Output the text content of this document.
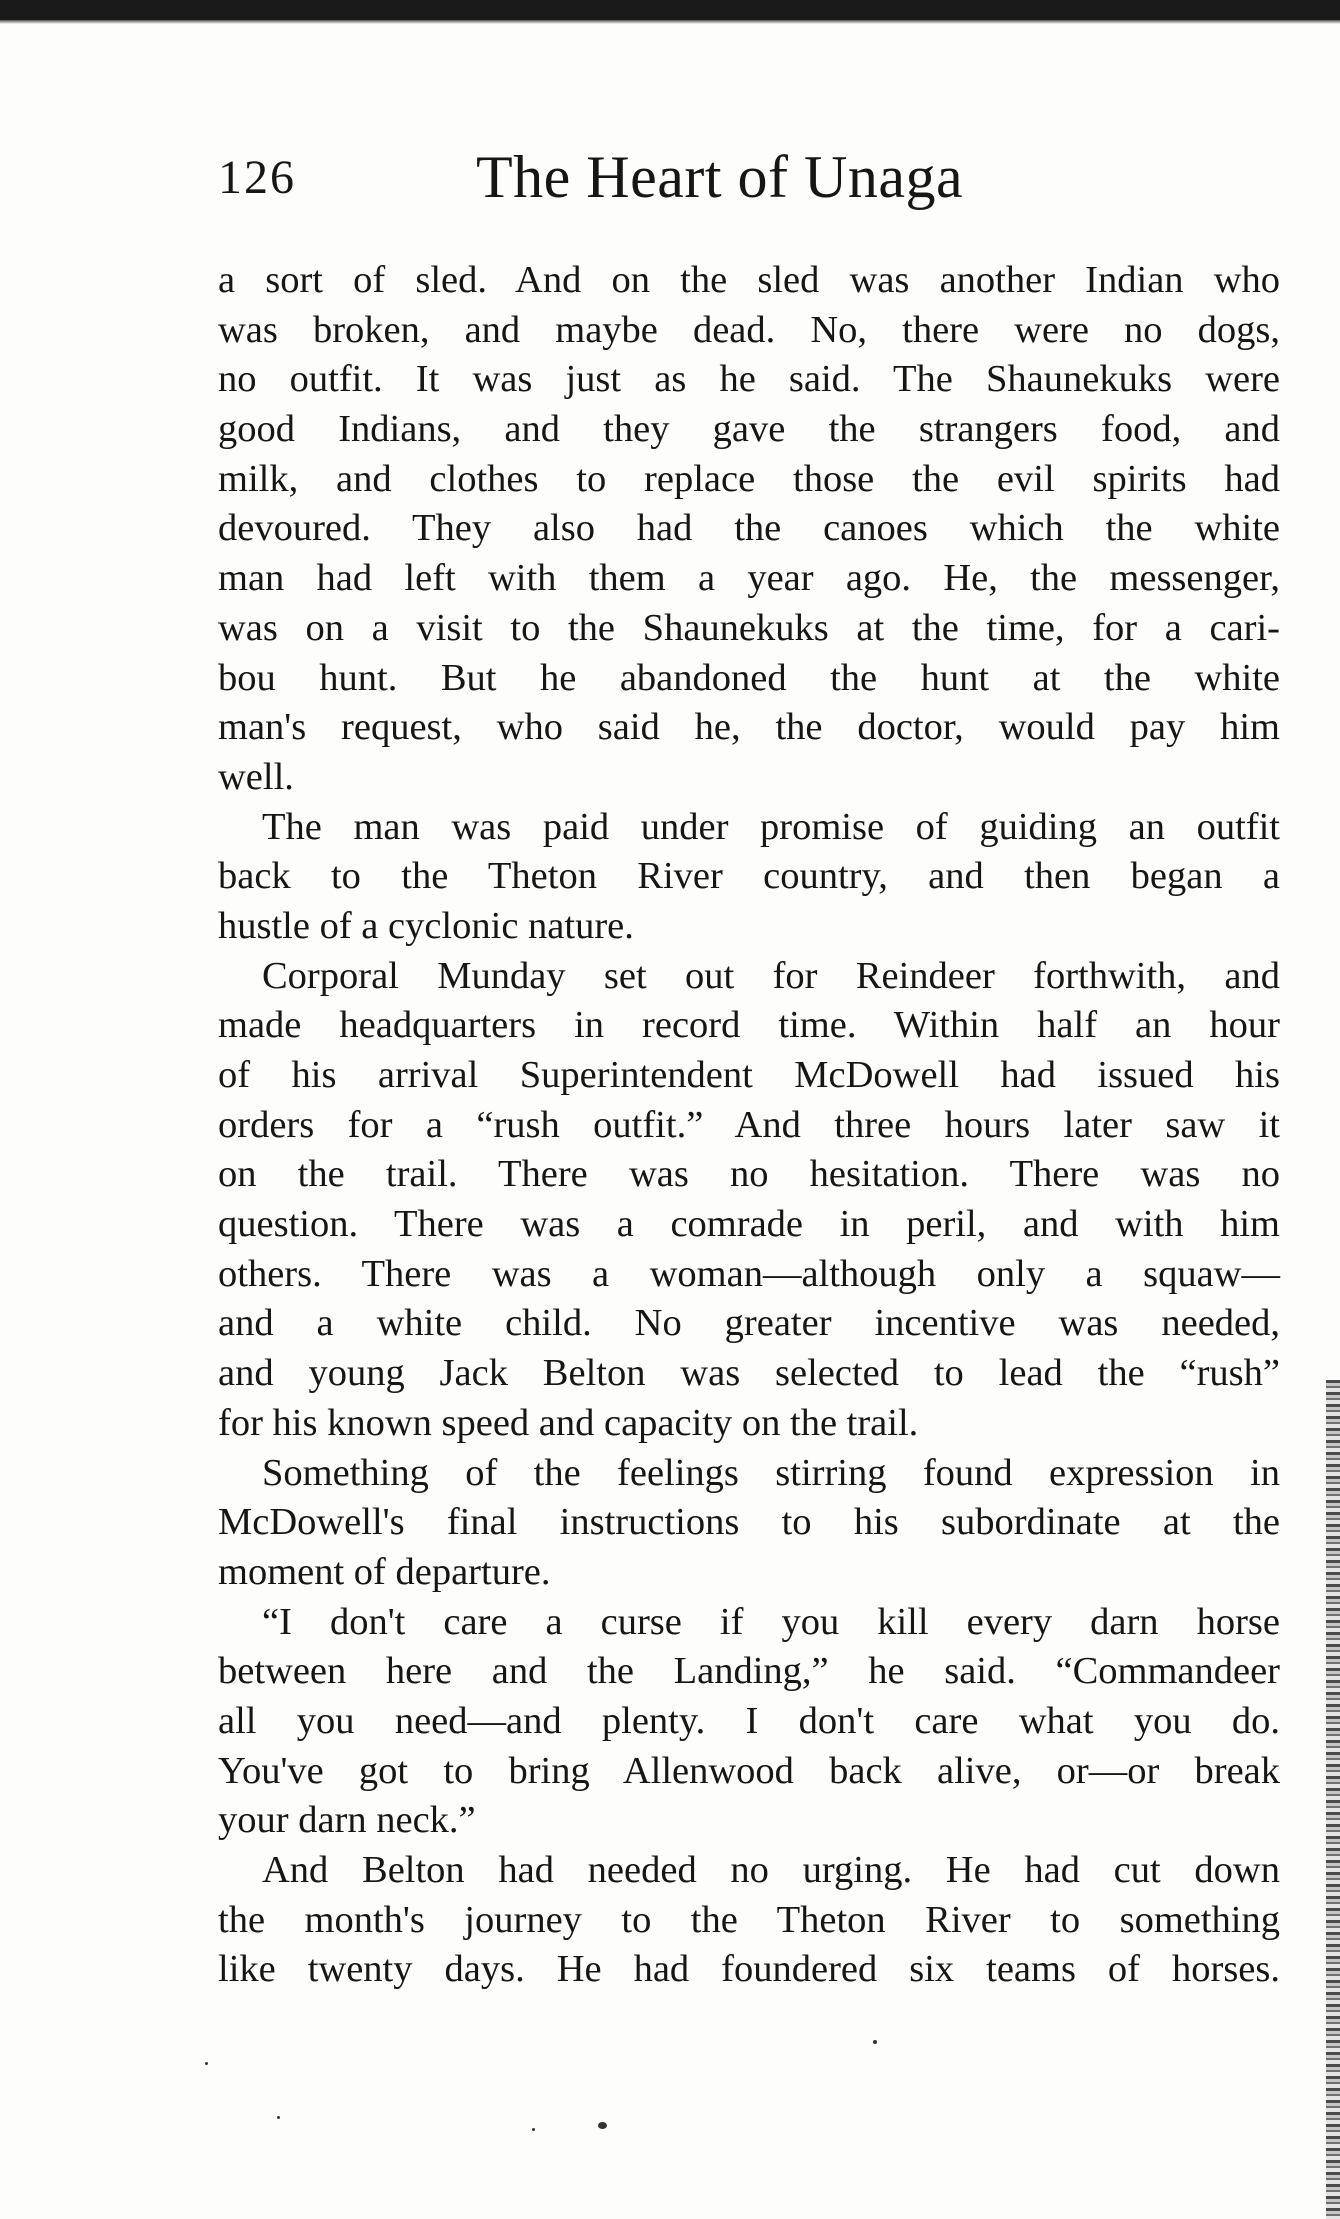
126	The Heart of Unaga
a sort of sled. And on the sled was another Indian who
was broken, and maybe dead. No, there were no dogs,
no outfit. It was just as he said. The Shaunekuks were
good Indians, and they gave the strangers food, and
milk, and clothes to replace those the evil spirits had
devoured. They also had the canoes which the white
man had left with them a year ago. He, the messenger,
was on a visit to the Shaunekuks at the time, for a cari-
bou hunt. But he abandoned the hunt at the white
man's request, who said he, the doctor, would pay him
well.
The man was paid under promise of guiding an outfit
back to the Theton River country, and then began a
hustle of a cyclonic nature.
Corporal Munday set out for Reindeer forthwith, and
made headquarters in record time. Within half an hour
of his arrival Superintendent McDowell had issued his
orders for a “rush outfit.” And three hours later saw it
on the trail. There was no hesitation. There was no
question. There was a comrade in peril, and with him
others. There was a woman—although only a squaw—
and a white child. No greater incentive was needed,
and young Jack Belton was selected to lead the “rush”
for his known speed and capacity on the trail.
Something of the feelings stirring found expression in
McDowell's final instructions to his subordinate at the
moment of departure.
“I don't care a curse if you kill every darn horse
between here and the Landing,” he said. “Commandeer
all you need—and plenty. I don't care what you do.
You've got to bring Allenwood back alive, or—or break
your darn neck.”
And Belton had needed no urging. He had cut down
the month's journey to the Theton River to something
like twenty days. He had foundered six teams of horses.
